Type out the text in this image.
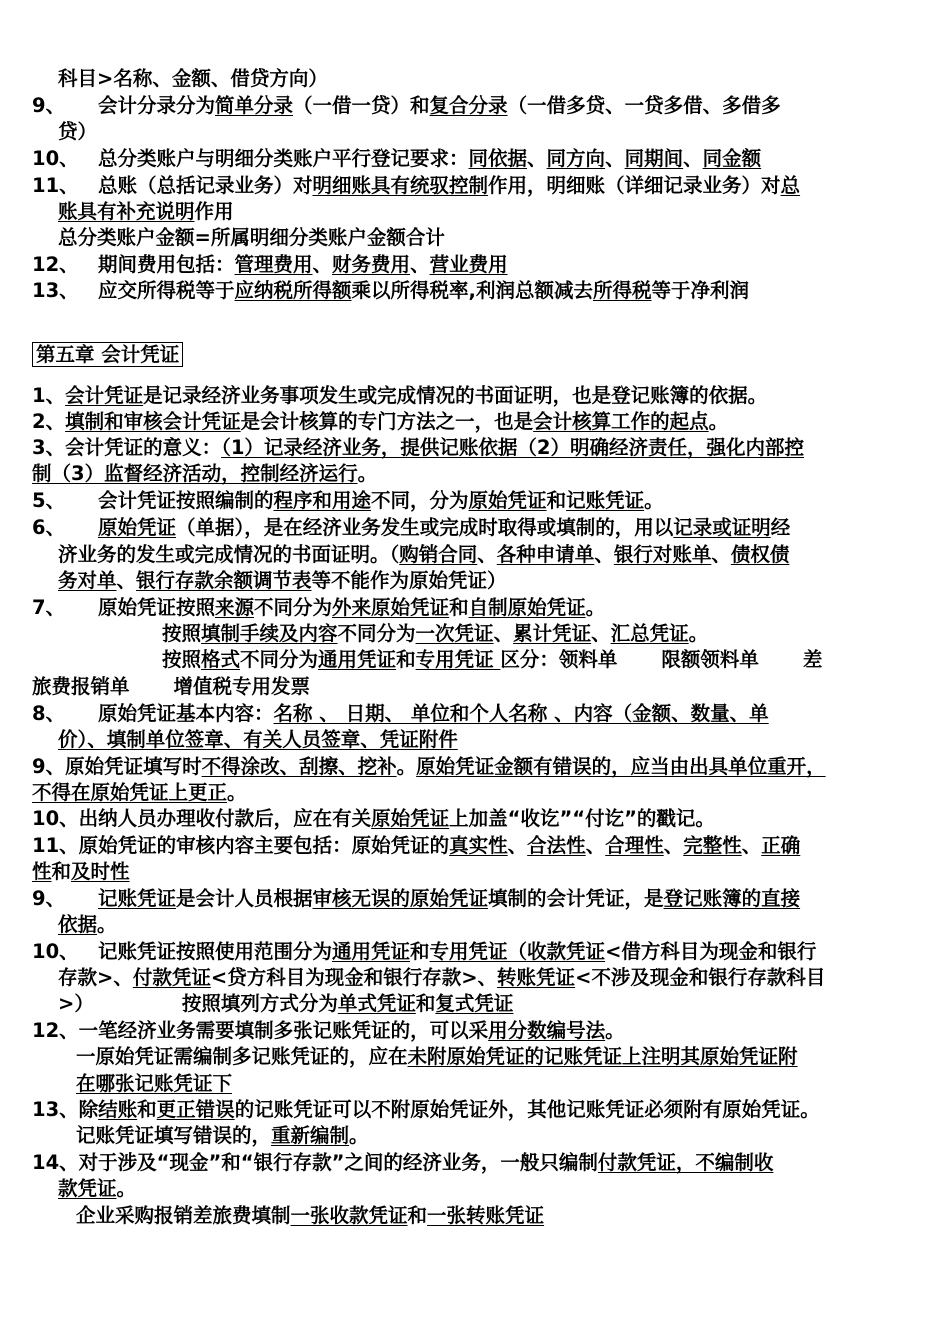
科目>名称、金额、借贷方向）
9、 会计分录分为简单分录（一借一贷）和复合分录（一借多贷、一贷多借、多借多
贷）
10、 总分类账户与明细分类账户平行登记要求：同依据、同方向、同期间、同金额
11、 总账（总括记录业务）对明细账具有统驭控制作用，明细账（详细记录业务）对总
账具有补充说明作用
总分类账户金额=所属明细分类账户金额合计
12、 期间费用包括：管理费用、财务费用、营业费用
13、 应交所得税等于应纳税所得额乘以所得税率,利润总额减去所得税等于净利润
第五章 会计凭证
1、会计凭证是记录经济业务事项发生或完成情况的书面证明，也是登记账簿的依据。
2、填制和审核会计凭证是会计核算的专门方法之一，也是会计核算工作的起点。
3、会计凭证的意义：（1）记录经济业务，提供记账依据（2）明确经济责任，强化内部控
制（3）监督经济活动，控制经济运行。
5、 会计凭证按照编制的程序和用途不同，分为原始凭证和记账凭证。
6、 原始凭证（单据），是在经济业务发生或完成时取得或填制的，用以记录或证明经
济业务的发生或完成情况的书面证明。（购销合同、各种申请单、银行对账单、债权债
务对单、银行存款余额调节表等不能作为原始凭证）
7、 原始凭证按照来源不同分为外来原始凭证和自制原始凭证。
按照填制手续及内容不同分为一次凭证、累计凭证、汇总凭证。
按照格式不同分为通用凭证和专用凭证 区分：领料单 限额领料单 差
旅费报销单 增值税专用发票
8、 原始凭证基本内容：名称 、 日期、 单位和个人名称 、内容（金额、数量、单
价）、填制单位签章、有关人员签章、凭证附件
9、原始凭证填写时不得涂改、刮擦、挖补。原始凭证金额有错误的，应当由出具单位重开，
不得在原始凭证上更正。
10、出纳人员办理收付款后，应在有关原始凭证上加盖“收讫”“付讫”的戳记。
11、原始凭证的审核内容主要包括：原始凭证的真实性、合法性、合理性、完整性、正确
性和及时性
9、 记账凭证是会计人员根据审核无误的原始凭证填制的会计凭证，是登记账簿的直接
依据。
10、 记账凭证按照使用范围分为通用凭证和专用凭证（收款凭证<借方科目为现金和银行
存款>、付款凭证<贷方科目为现金和银行存款>、转账凭证<不涉及现金和银行存款科目
>）	按照填列方式分为单式凭证和复式凭证
12、一笔经济业务需要填制多张记账凭证的，可以采用分数编号法。
一原始凭证需编制多记账凭证的，应在未附原始凭证的记账凭证上注明其原始凭证附
在哪张记账凭证下
13、除结账和更正错误的记账凭证可以不附原始凭证外，其他记账凭证必须附有原始凭证。
记账凭证填写错误的，重新编制。
14、对于涉及“现金”和“银行存款”之间的经济业务，一般只编制付款凭证，不编制收
款凭证。
企业采购报销差旅费填制一张收款凭证和一张转账凭证
